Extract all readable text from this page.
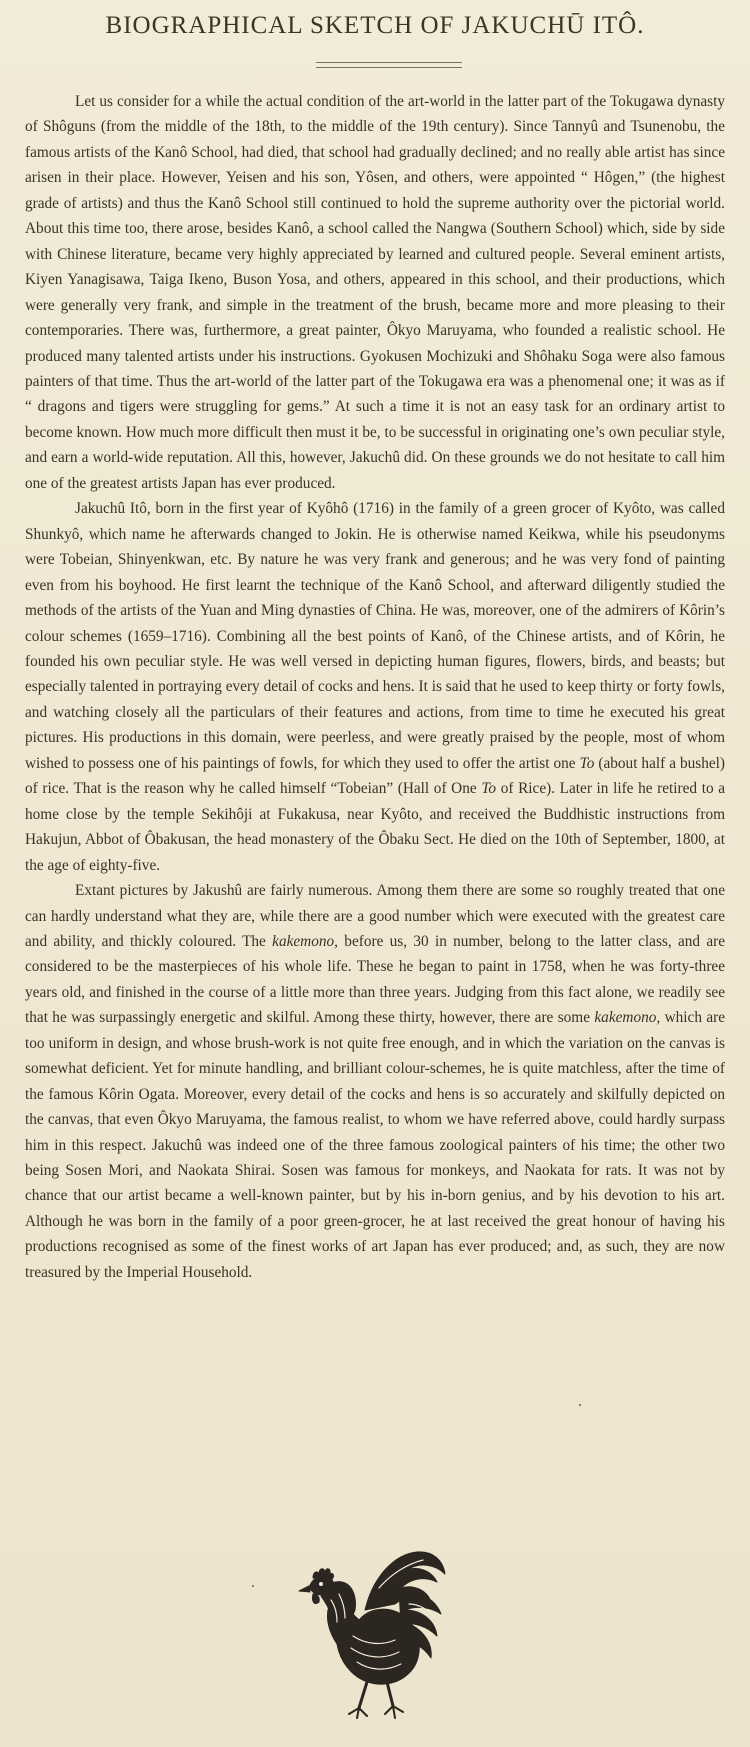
BIOGRAPHICAL SKETCH OF JAKUCHŪ ITÔ.

Let us consider for a while the actual condition of the art-world in the latter part of the Tokugawa dynasty of Shôguns (from the middle of the 18th, to the middle of the 19th century). Since Tannyû and Tsunenobu, the famous artists of the Kanô School, had died, that school had gradually declined; and no really able artist has since arisen in their place. However, Yeisen and his son, Yôsen, and others, were appointed “ Hôgen,” (the highest grade of artists) and thus the Kanô School still continued to hold the supreme authority over the pictorial world. About this time too, there arose, besides Kanô, a school called the Nangwa (Southern School) which, side by side with Chinese literature, became very highly appreciated by learned and cultured people. Several eminent artists, Kiyen Yanagisawa, Taiga Ikeno, Buson Yosa, and others, appeared in this school, and their productions, which were generally very frank, and simple in the treatment of the brush, became more and more pleasing to their contemporaries. There was, furthermore, a great painter, Ôkyo Maruyama, who founded a realistic school. He produced many talented artists under his instructions. Gyokusen Mochizuki and Shôhaku Soga were also famous painters of that time. Thus the art-world of the latter part of the Tokugawa era was a phenomenal one; it was as if “ dragons and tigers were struggling for gems.” At such a time it is not an easy task for an ordinary artist to become known. How much more difficult then must it be, to be successful in originating one’s own peculiar style, and earn a world-wide reputation. All this, however, Jakuchû did. On these grounds we do not hesitate to call him one of the greatest artists Japan has ever produced.

Jakuchû Itô, born in the first year of Kyôhô (1716) in the family of a green grocer of Kyôto, was called Shunkyô, which name he afterwards changed to Jokin. He is otherwise named Keikwa, while his pseudonyms were Tobeian, Shinyenkwan, etc. By nature he was very frank and generous; and he was very fond of painting even from his boyhood. He first learnt the technique of the Kanô School, and afterward diligently studied the methods of the artists of the Yuan and Ming dynasties of China. He was, moreover, one of the admirers of Kôrin’s colour schemes (1659–1716). Combining all the best points of Kanô, of the Chinese artists, and of Kôrin, he founded his own peculiar style. He was well versed in depicting human figures, flowers, birds, and beasts; but especially talented in portraying every detail of cocks and hens. It is said that he used to keep thirty or forty fowls, and watching closely all the particulars of their features and actions, from time to time he executed his great pictures. His productions in this domain, were peerless, and were greatly praised by the people, most of whom wished to possess one of his paintings of fowls, for which they used to offer the artist one To (about half a bushel) of rice. That is the reason why he called himself “Tobeian” (Hall of One To of Rice). Later in life he retired to a home close by the temple Sekihôji at Fukakusa, near Kyôto, and received the Buddhistic instructions from Hakujun, Abbot of Ôbakusan, the head monastery of the Ôbaku Sect. He died on the 10th of September, 1800, at the age of eighty-five.

Extant pictures by Jakushû are fairly numerous. Among them there are some so roughly treated that one can hardly understand what they are, while there are a good number which were executed with the greatest care and ability, and thickly coloured. The kakemono, before us, 30 in number, belong to the latter class, and are considered to be the masterpieces of his whole life. These he began to paint in 1758, when he was forty-three years old, and finished in the course of a little more than three years. Judging from this fact alone, we readily see that he was surpassingly energetic and skilful. Among these thirty, however, there are some kakemono, which are too uniform in design, and whose brush-work is not quite free enough, and in which the variation on the canvas is somewhat deficient. Yet for minute handling, and brilliant colour-schemes, he is quite matchless, after the time of the famous Kôrin Ogata. Moreover, every detail of the cocks and hens is so accurately and skilfully depicted on the canvas, that even Ôkyo Maruyama, the famous realist, to whom we have referred above, could hardly surpass him in this respect. Jakuchû was indeed one of the three famous zoological painters of his time; the other two being Sosen Mori, and Naokata Shirai. Sosen was famous for monkeys, and Naokata for rats. It was not by chance that our artist became a well-known painter, but by his in-born genius, and by his devotion to his art. Although he was born in the family of a poor green-grocer, he at last received the great honour of having his productions recognised as some of the finest works of art Japan has ever produced; and, as such, they are now treasured by the Imperial Household.
